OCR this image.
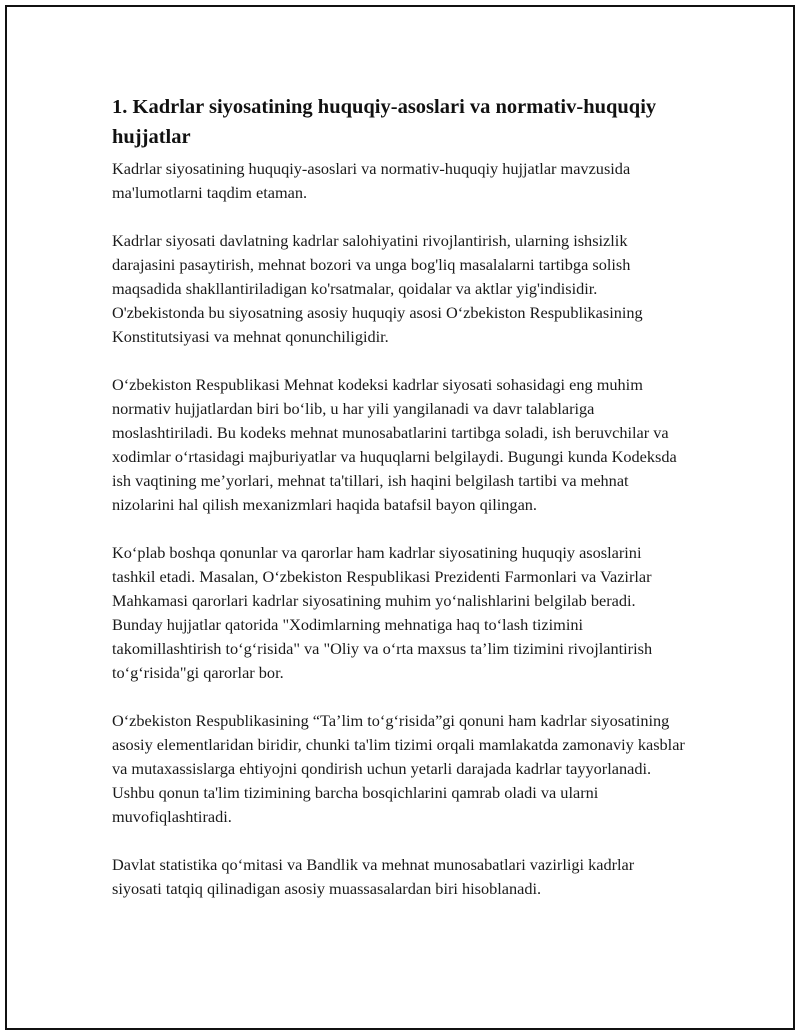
1. Kadrlar siyosatining huquqiy-asoslari va normativ-huquqiy hujjatlar

Kadrlar siyosatining huquqiy-asoslari va normativ-huquqiy hujjatlar mavzusida ma'lumotlarni taqdim etaman.

Kadrlar siyosati davlatning kadrlar salohiyatini rivojlantirish, ularning ishsizlik darajasini pasaytirish, mehnat bozori va unga bog'liq masalalarni tartibga solish maqsadida shakllantiriladigan ko'rsatmalar, qoidalar va aktlar yig'indisidir. O'zbekistonda bu siyosatning asosiy huquqiy asosi Oʻzbekiston Respublikasining Konstitutsiyasi va mehnat qonunchiligidir.

Oʻzbekiston Respublikasi Mehnat kodeksi kadrlar siyosati sohasidagi eng muhim normativ hujjatlardan biri boʻlib, u har yili yangilanadi va davr talablariga moslashtiriladi. Bu kodeks mehnat munosabatlarini tartibga soladi, ish beruvchilar va xodimlar oʻrtasidagi majburiyatlar va huquqlarni belgilaydi. Bugungi kunda Kodeksda ish vaqtining me’yorlari, mehnat ta'tillari, ish haqini belgilash tartibi va mehnat nizolarini hal qilish mexanizmlari haqida batafsil bayon qilingan.

Koʻplab boshqa qonunlar va qarorlar ham kadrlar siyosatining huquqiy asoslarini tashkil etadi. Masalan, Oʻzbekiston Respublikasi Prezidenti Farmonlari va Vazirlar Mahkamasi qarorlari kadrlar siyosatining muhim yoʻnalishlarini belgilab beradi. Bunday hujjatlar qatorida "Xodimlarning mehnatiga haq toʻlash tizimini takomillashtirish toʻgʻrisida" va "Oliy va oʻrta maxsus ta’lim tizimini rivojlantirish toʻgʻrisida"gi qarorlar bor.

Oʻzbekiston Respublikasining “Ta’lim toʻgʻrisida”gi qonuni ham kadrlar siyosatining asosiy elementlaridan biridir, chunki ta'lim tizimi orqali mamlakatda zamonaviy kasblar va mutaxassislarga ehtiyojni qondirish uchun yetarli darajada kadrlar tayyorlanadi. Ushbu qonun ta'lim tizimining barcha bosqichlarini qamrab oladi va ularni muvofiqlashtiradi.

Davlat statistika qoʻmitasi va Bandlik va mehnat munosabatlari vazirligi kadrlar siyosati tatqiq qilinadigan asosiy muassasalardan biri hisoblanadi.
